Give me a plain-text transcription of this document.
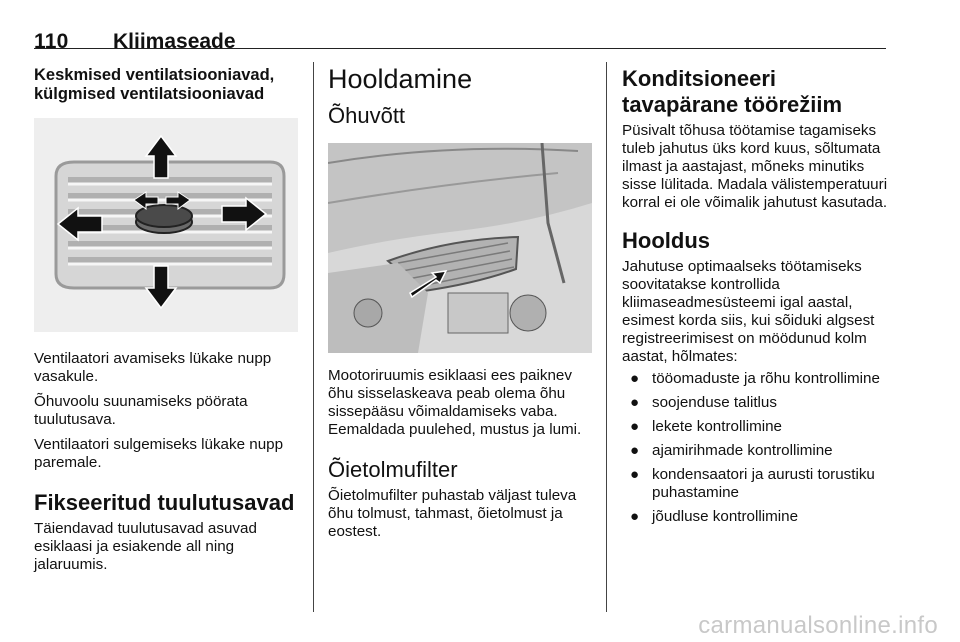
110 Kliimaseade
Keskmised ventilatsiooniavad, külgmised ventilatsiooniavad

Ventilaatori avamiseks lükake nupp vasakule.

Õhuvoolu suunamiseks pöörata tuulutusava.

Ventilaatori sulgemiseks lükake nupp paremale.

Fikseeritud tuulutusavad

Täiendavad tuulutusavad asuvad esiklaasi ja esiakende all ning jalaruumis.

Hooldamine
Õhuvõtt

Mootoriruumis esiklaasi ees paiknev õhu sisselaskeava peab olema õhu sissepääsu võimaldamiseks vaba. Eemaldada puulehed, mustus ja lumi.

Õietolmufilter

Õietolmufilter puhastab väljast tuleva õhu tolmust, tahmast, õietolmust ja eostest.

Konditsioneeri tavapärane töörežiim

Püsivalt tõhusa töötamise tagamiseks tuleb jahutus üks kord kuus, sõltumata ilmast ja aastajast, mõneks minutiks sisse lülitada. Madala välistemperatuuri korral ei ole võimalik jahutust kasutada.

Hooldus

Jahutuse optimaalseks töötamiseks soovitatakse kontrollida kliimaseadmesüsteemi igal aastal, esimest korda siis, kui sõiduki algsest registreerimisest on möödunud kolm aastat, hõlmates:

● tööomaduste ja rõhu kontrollimine
● soojenduse talitlus
● lekete kontrollimine
● ajamirihmade kontrollimine
● kondensaatori ja aurusti torustiku puhastamine
● jõudluse kontrollimine
carmanualsonline.info
